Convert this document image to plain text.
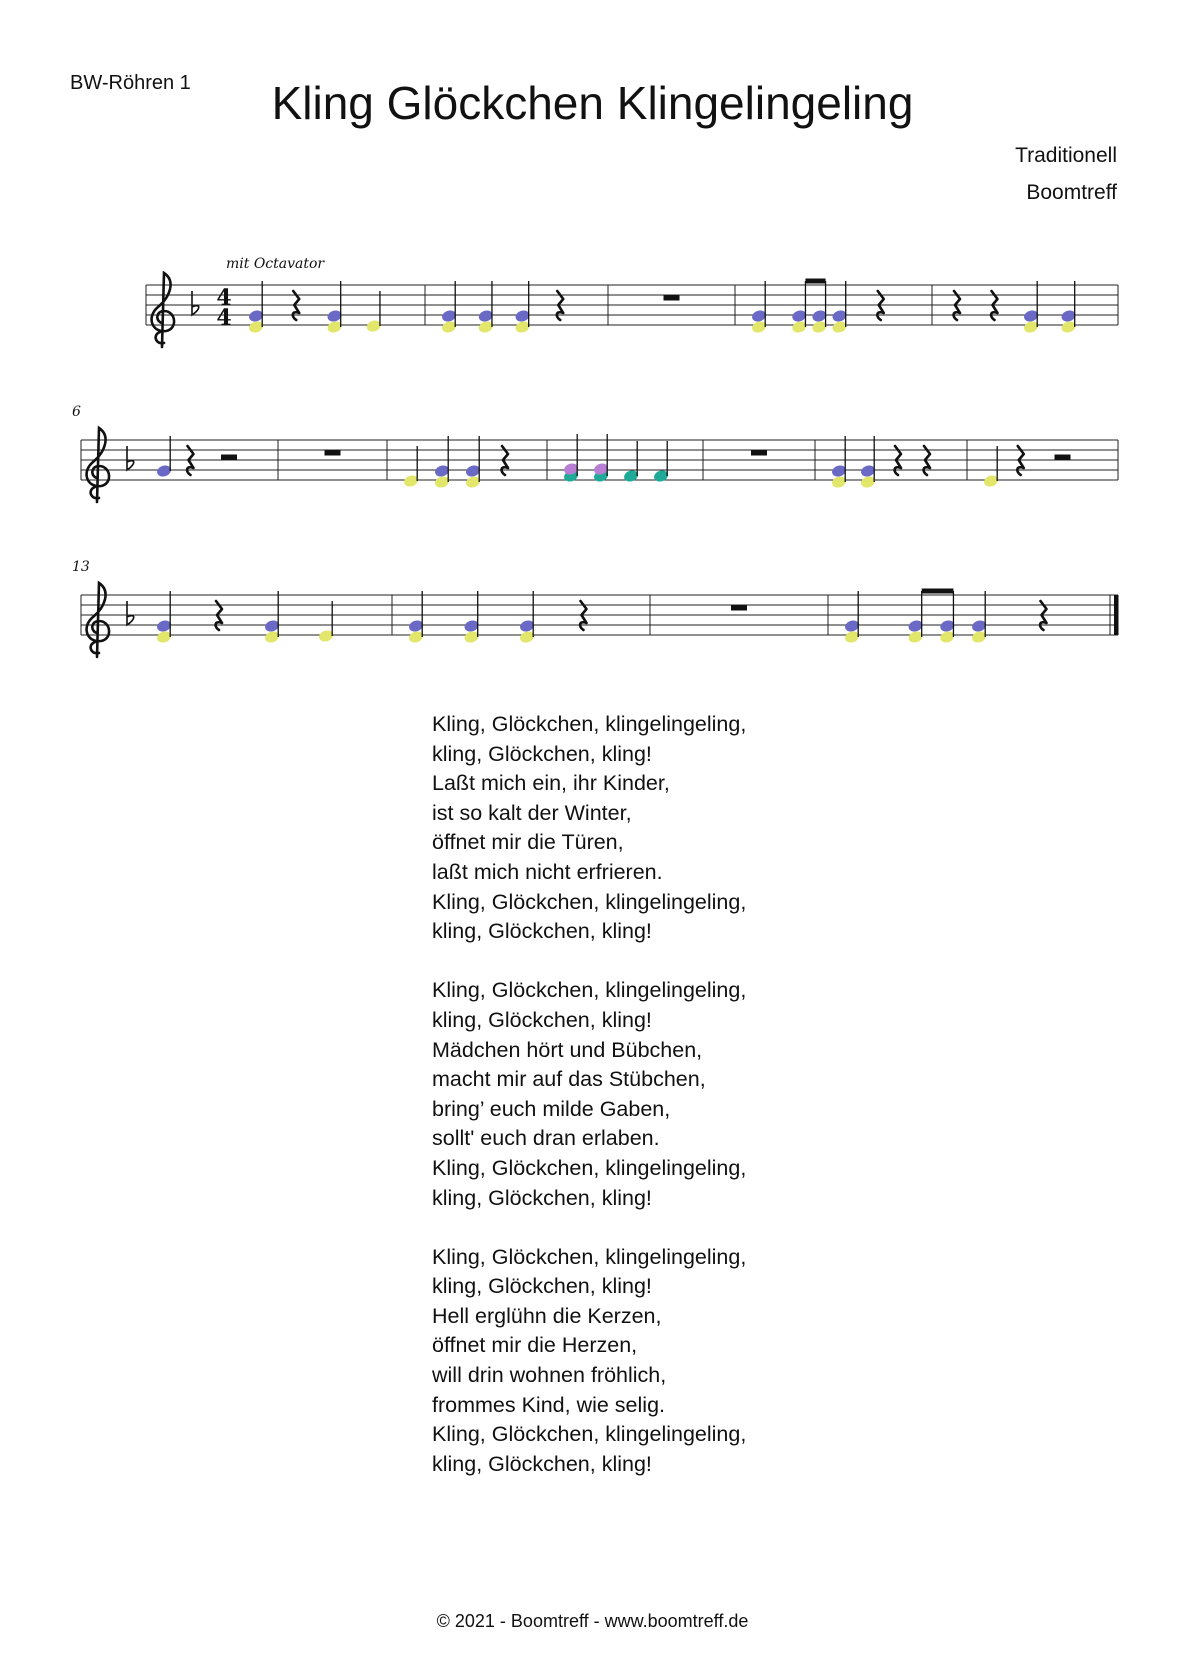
BW-Röhren 1	Kling Glöckchen Klingelingeling
Traditionell
Boomtreff
mit Octavator
4
4
6
13
Kling, Glöckchen, klingelingeling,
kling, Glöckchen, kling!
Laßt mich ein, ihr Kinder,
ist so kalt der Winter,
öffnet mir die Türen,
laßt mich nicht erfrieren.
Kling, Glöckchen, klingelingeling,
kling, Glöckchen, kling!
Kling, Glöckchen, klingelingeling,
kling, Glöckchen, kling!
Mädchen hört und Bübchen,
macht mir auf das Stübchen,
bring’ euch milde Gaben,
sollt' euch dran erlaben.
Kling, Glöckchen, klingelingeling,
kling, Glöckchen, kling!
Kling, Glöckchen, klingelingeling,
kling, Glöckchen, kling!
Hell erglühn die Kerzen,
öffnet mir die Herzen,
will drin wohnen fröhlich,
frommes Kind, wie selig.
Kling, Glöckchen, klingelingeling,
kling, Glöckchen, kling!
© 2021 - Boomtreff - www.boomtreff.de
